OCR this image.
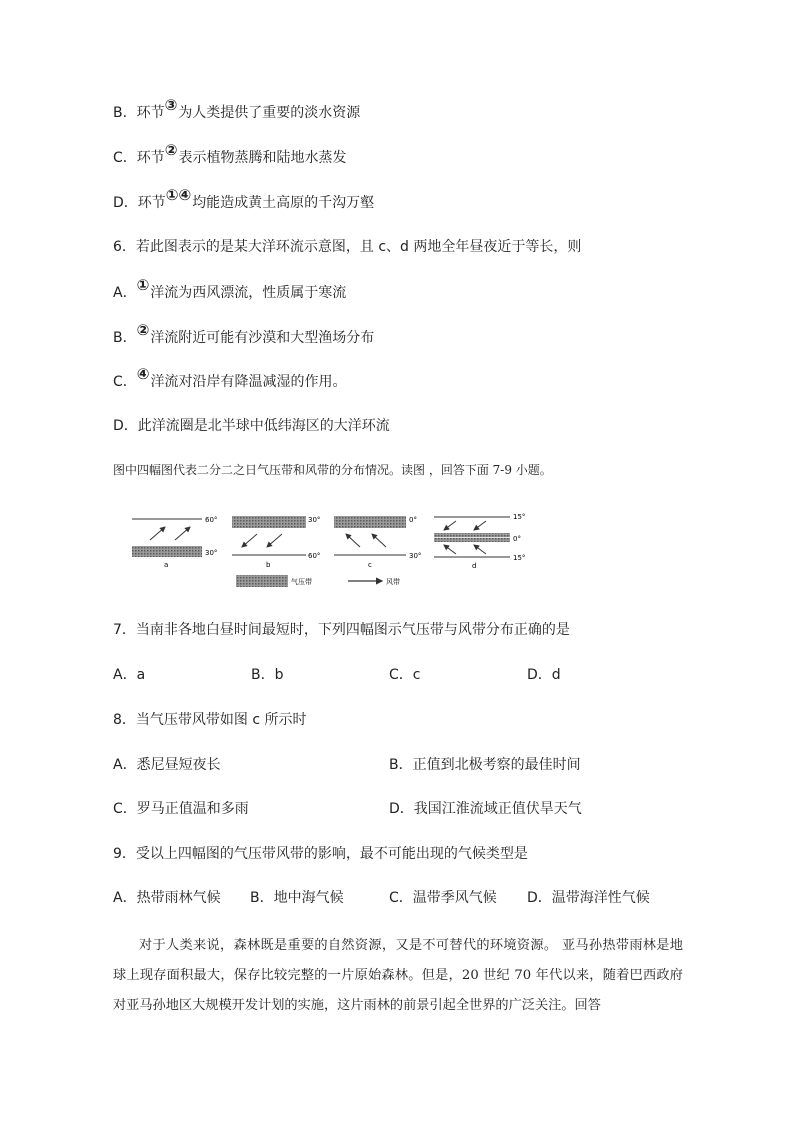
B．环节③为人类提供了重要的淡水资源
C．环节②表示植物蒸腾和陆地水蒸发
D．环节①④均能造成黄土高原的千沟万壑
6．若此图表示的是某大洋环流示意图，且 c、d 两地全年昼夜近于等长，则
A．①洋流为西风漂流，性质属于寒流
B．②洋流附近可能有沙漠和大型渔场分布
C．④洋流对沿岸有降温减湿的作用。
D．此洋流圈是北半球中低纬海区的大洋环流
图中四幅图代表二分二之日气压带和风带的分布情况。读图 ，回答下面 7-9 小题。
60°
30°
a
30°
60°
b
0°
30°
c
15°
0°
15°
d
气压带	风带
7．当南非各地白昼时间最短时，下列四幅图示气压带与风带分布正确的是
A．a	B．b	C．c	D．d
8．当气压带风带如图 c 所示时
A．悉尼昼短夜长	B．正值到北极考察的最佳时间
C．罗马正值温和多雨	D．我国江淮流域正值伏旱天气
9．受以上四幅图的气压带风带的影响，最不可能出现的气候类型是
A．热带雨林气候 B．地中海气候	C．温带季风气候 D．温带海洋性气候
对于人类来说，森林既是重要的自然资源，又是不可替代的环境资源。 亚马孙热带雨林是地球上现存面积最大，保存比较完整的一片原始森林。但是，20 世纪 70 年代以来，随着巴西政府对亚马孙地区大规模开发计划的实施，这片雨林的前景引起全世界的广泛关注。回答
